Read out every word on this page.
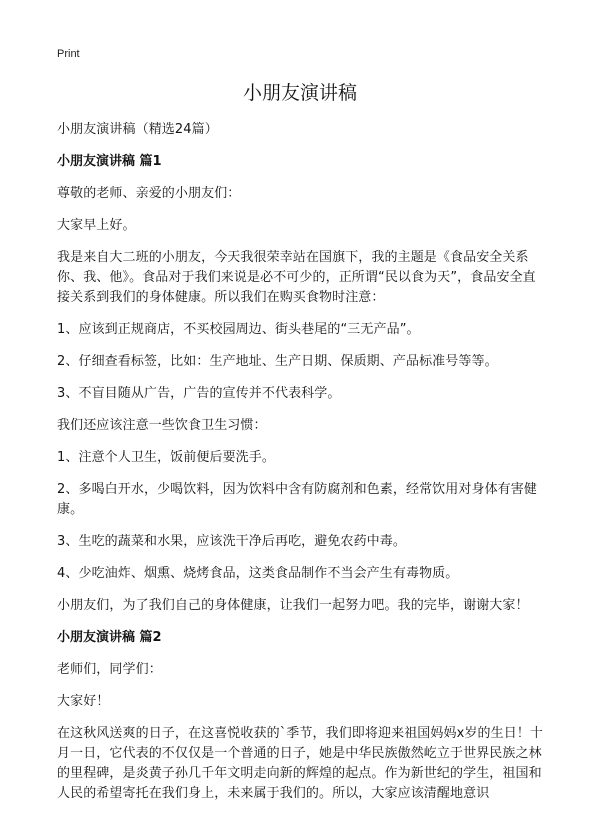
Print
小朋友演讲稿

小朋友演讲稿（精选24篇）

小朋友演讲稿 篇1

尊敬的老师、亲爱的小朋友们：

大家早上好。

我是来自大二班的小朋友，今天我很荣幸站在国旗下，我的主题是《食品安全关系你、我、他》。食品对于我们来说是必不可少的，正所谓“民以食为天”，食品安全直接关系到我们的身体健康。所以我们在购买食物时注意：

1、应该到正规商店，不买校园周边、街头巷尾的“三无产品”。

2、仔细查看标签，比如：生产地址、生产日期、保质期、产品标准号等等。

3、不盲目随从广告，广告的宣传并不代表科学。

我们还应该注意一些饮食卫生习惯：

1、注意个人卫生，饭前便后要洗手。

2、多喝白开水，少喝饮料，因为饮料中含有防腐剂和色素，经常饮用对身体有害健康。

3、生吃的蔬菜和水果，应该洗干净后再吃，避免农药中毒。

4、少吃油炸、烟熏、烧烤食品，这类食品制作不当会产生有毒物质。

小朋友们，为了我们自己的身体健康，让我们一起努力吧。我的完毕，谢谢大家！

小朋友演讲稿 篇2

老师们，同学们：

大家好！

在这秋风送爽的日子，在这喜悦收获的`季节，我们即将迎来祖国妈妈x岁的生日！十月一日，它代表的不仅仅是一个普通的日子，她是中华民族傲然屹立于世界民族之林的里程碑，是炎黄子孙几千年文明走向新的辉煌的起点。作为新世纪的学生，祖国和人民的希望寄托在我们身上，未来属于我们的。所以，大家应该清醒地意识
